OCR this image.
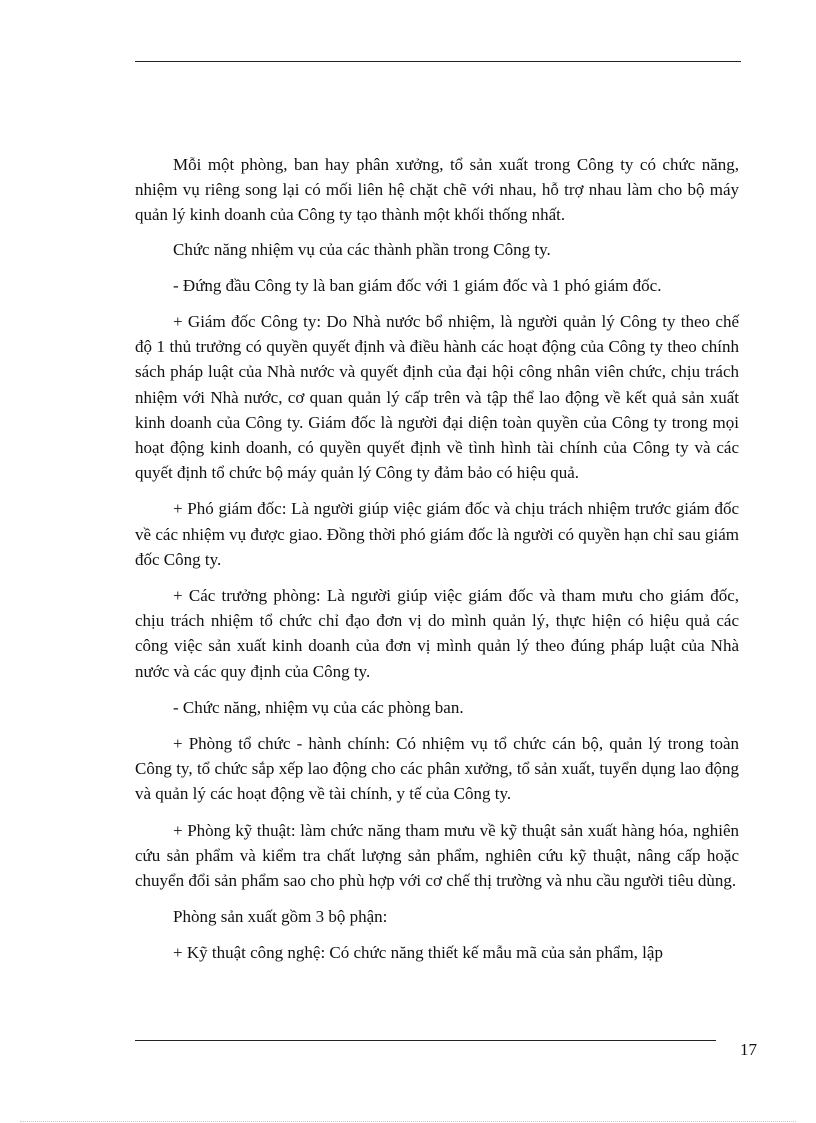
Mỗi một phòng, ban hay phân xưởng, tổ sản xuất trong Công ty có chức năng, nhiệm vụ riêng song lại có mối liên hệ chặt chẽ với nhau, hỗ trợ nhau làm cho bộ máy quản lý kinh doanh của Công ty tạo thành một khối thống nhất.

Chức năng nhiệm vụ của các thành phần trong Công ty.

- Đứng đầu Công ty là ban giám đốc với 1 giám đốc và 1 phó giám đốc.

+ Giám đốc Công ty: Do Nhà nước bổ nhiệm, là người quản lý Công ty theo chế độ 1 thủ trưởng có quyền quyết định và điều hành các hoạt động của Công ty theo chính sách pháp luật của Nhà nước và quyết định của đại hội công nhân viên chức, chịu trách nhiệm với Nhà nước, cơ quan quản lý cấp trên và tập thể lao động về kết quả sản xuất kinh doanh của Công ty. Giám đốc là người đại diện toàn quyền của Công ty trong mọi hoạt động kinh doanh, có quyền quyết định về tình hình tài chính của Công ty và các quyết định tổ chức bộ máy quản lý Công ty đảm bảo có hiệu quả.

+ Phó giám đốc: Là người giúp việc giám đốc và chịu trách nhiệm trước giám đốc về các nhiệm vụ được giao. Đồng thời phó giám đốc là người có quyền hạn chỉ sau giám đốc Công ty.

+ Các trưởng phòng: Là người giúp việc giám đốc và tham mưu cho giám đốc, chịu trách nhiệm tổ chức chỉ đạo đơn vị do mình quản lý, thực hiện có hiệu quả các công việc sản xuất kinh doanh của đơn vị mình quản lý theo đúng pháp luật của Nhà nước và các quy định của Công ty.

- Chức năng, nhiệm vụ của các phòng ban.

+ Phòng tổ chức - hành chính: Có nhiệm vụ tổ chức cán bộ, quản lý trong toàn Công ty, tổ chức sắp xếp lao động cho các phân xưởng, tổ sản xuất, tuyển dụng lao động và quản lý các hoạt động về tài chính, y tế của Công ty.

+ Phòng kỹ thuật: làm chức năng tham mưu về kỹ thuật sản xuất hàng hóa, nghiên cứu sản phẩm và kiểm tra chất lượng sản phẩm, nghiên cứu kỹ thuật, nâng cấp hoặc chuyển đổi sản phẩm sao cho phù hợp với cơ chế thị trường và nhu cầu người tiêu dùng.

Phòng sản xuất gồm 3 bộ phận:

+ Kỹ thuật công nghệ: Có chức năng thiết kế mẫu mã của sản phẩm, lập

17
